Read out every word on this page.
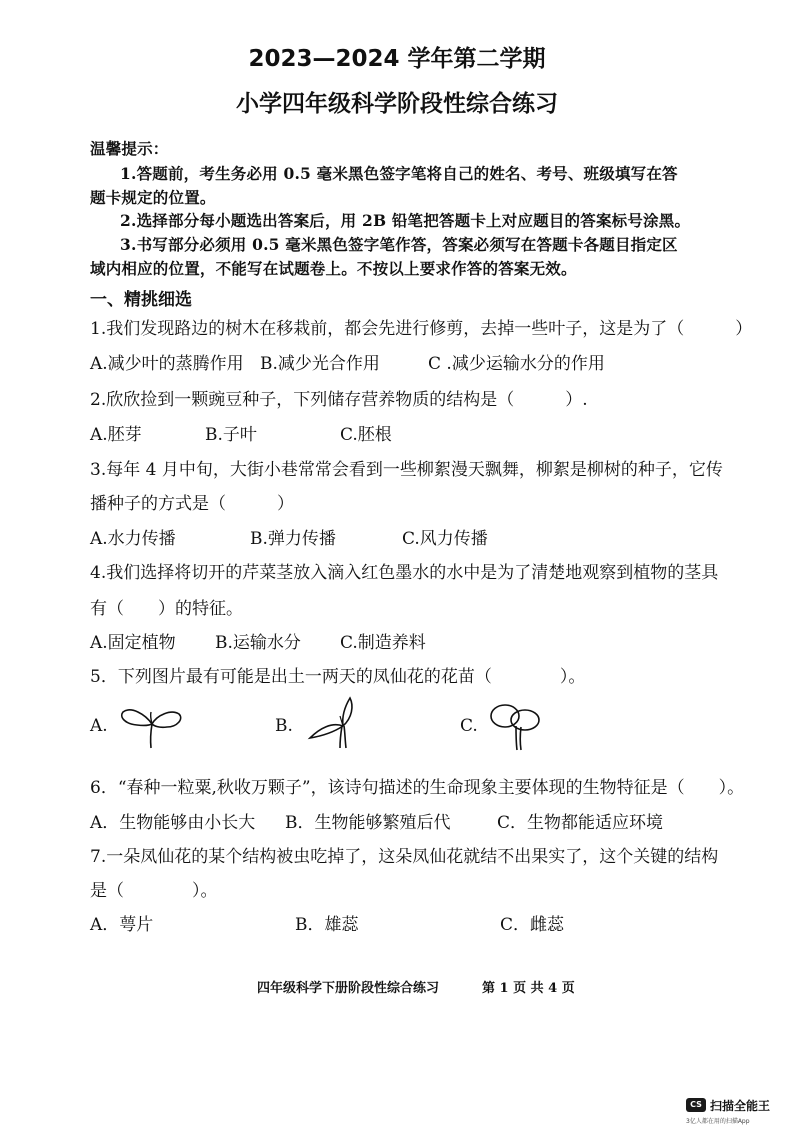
2023—2024 学年第二学期
小学四年级科学阶段性综合练习
温馨提示：
1.答题前，考生务必用 0.5 毫米黑色签字笔将自己的姓名、考号、班级填写在答
题卡规定的位置。
2.选择部分每小题选出答案后，用 2B 铅笔把答题卡上对应题目的答案标号涂黑。
3.书写部分必须用 0.5 毫米黑色签字笔作答，答案必须写在答题卡各题目指定区
域内相应的位置，不能写在试题卷上。不按以上要求作答的答案无效。
一、精挑细选
1.我们发现路边的树木在移栽前，都会先进行修剪，去掉一些叶子，这是为了（　　　）
A.减少叶的蒸腾作用 B.减少光合作用	C .减少运输水分的作用
2.欣欣捡到一颗豌豆种子，下列储存营养物质的结构是（　　　）.
A.胚芽	B.子叶	C.胚根
3.每年 4 月中旬，大街小巷常常会看到一些柳絮漫天飘舞，柳絮是柳树的种子，它传
播种子的方式是（　　　）
A.水力传播	B.弹力传播	C.风力传播
4.我们选择将切开的芹菜茎放入滴入红色墨水的水中是为了清楚地观察到植物的茎具
有（　　）的特征。
A.固定植物 B.运输水分 C.制造养料
5．下列图片最有可能是出土一两天的凤仙花的花苗（　　　　）。
A.	B.	C.
6．“春种一粒粟,秋收万颗子”，该诗句描述的生命现象主要体现的生物特征是（　　）。
A．生物能够由小长大 B．生物能够繁殖后代	C．生物都能适应环境
7.一朵凤仙花的某个结构被虫吃掉了，这朵凤仙花就结不出果实了，这个关键的结构
是（　　　　）。
A．萼片	B．雄蕊	C．雌蕊
四年级科学下册阶段性综合练习	第 1 页 共 4 页
CS 扫描全能王
3亿人都在用的扫描App
